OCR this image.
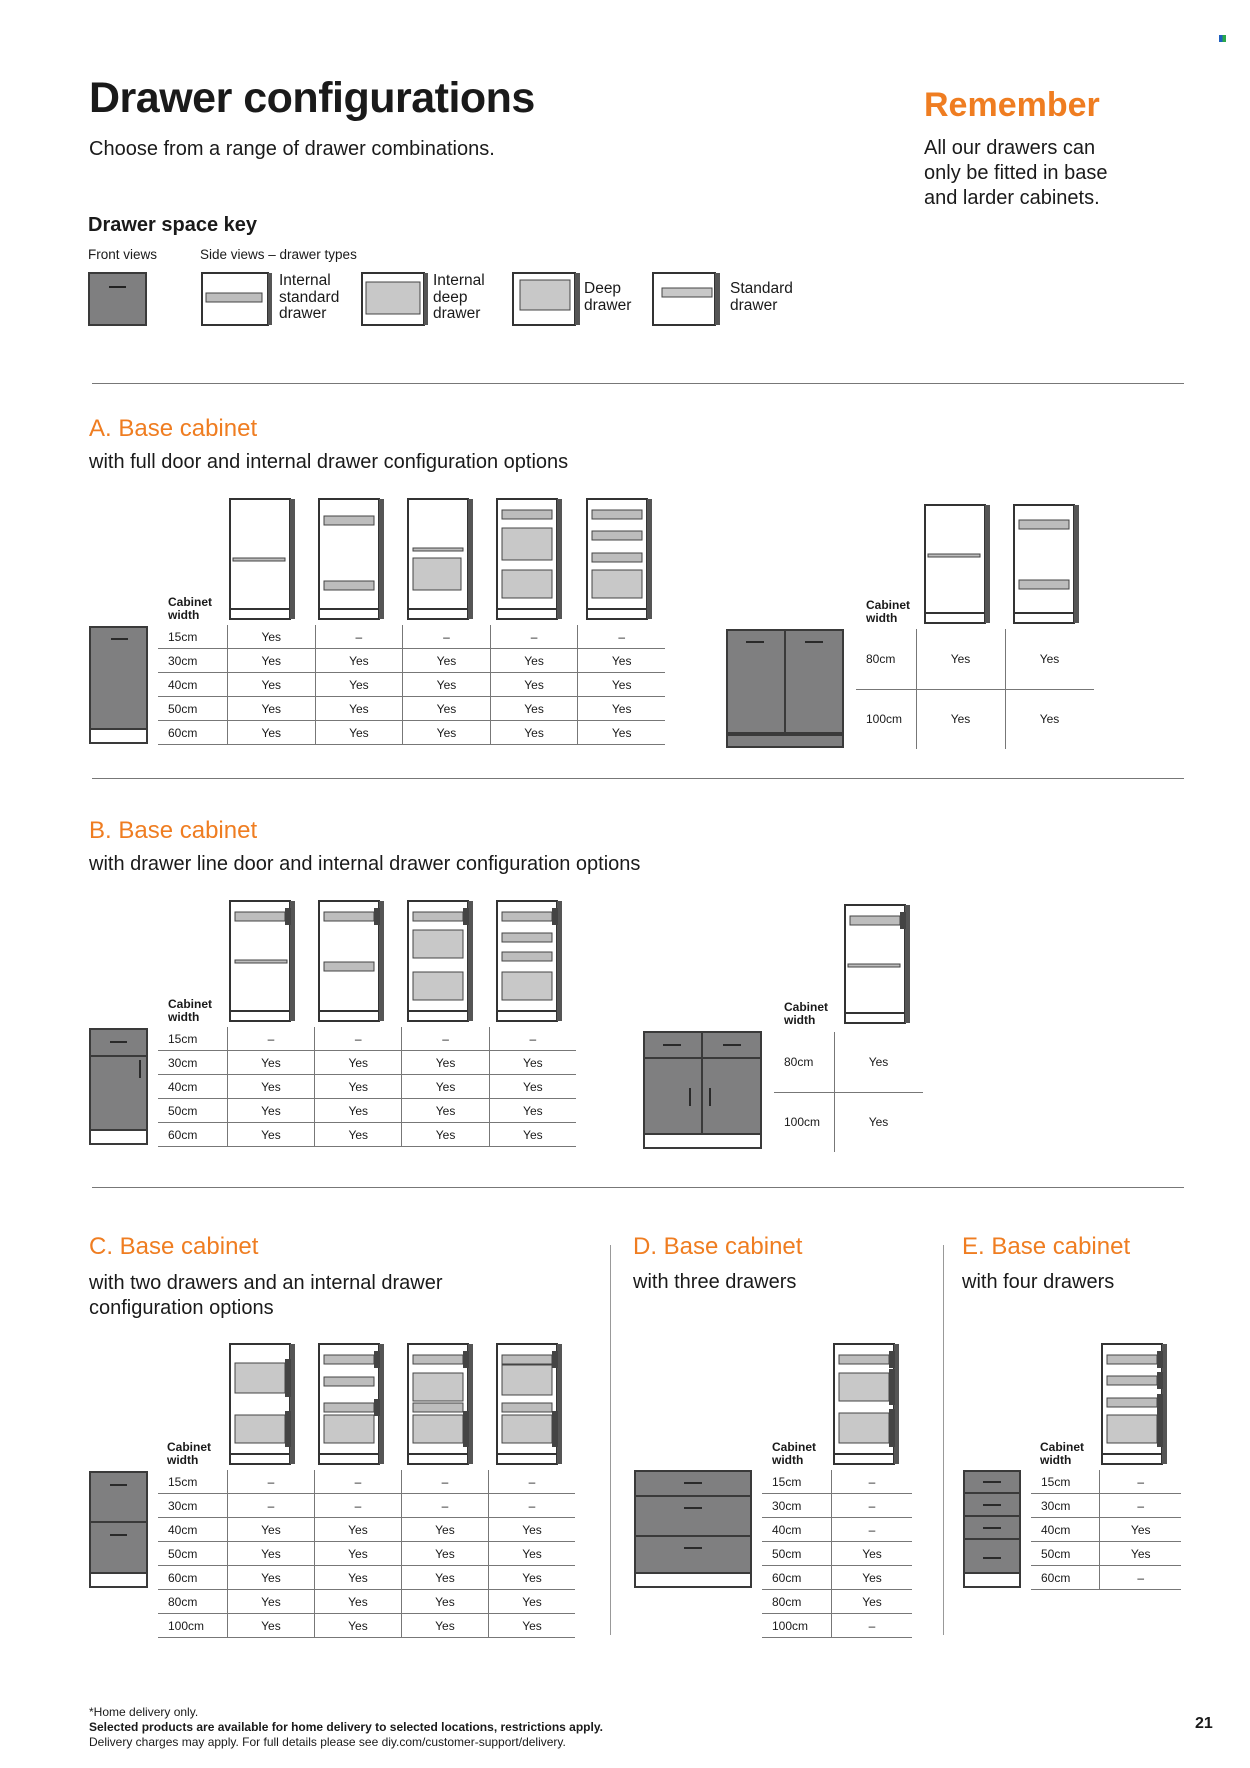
Drawer configurations
Choose from a range of drawer combinations.
Remember
All our drawers can
only be fitted in base
and larder cabinets.
Drawer space key
Front views	Side views – drawer types
Internal
standard
drawer
Internal
deep
drawer
Deep
drawer
Standard
drawer
A. Base cabinet
with full door and internal drawer configuration options
Cabinet
width
15cm	Yes	–	–	–	–
30cm	Yes	Yes	Yes	Yes	Yes
40cm	Yes	Yes	Yes	Yes	Yes
50cm	Yes	Yes	Yes	Yes	Yes
60cm	Yes	Yes	Yes	Yes	Yes
Cabinet
width
80cm	Yes	Yes
100cm	Yes	Yes
B. Base cabinet
with drawer line door and internal drawer configuration options
Cabinet
width
15cm	–	–	–	–
30cm	Yes	Yes	Yes	Yes
40cm	Yes	Yes	Yes	Yes
50cm	Yes	Yes	Yes	Yes
60cm	Yes	Yes	Yes	Yes
Cabinet
width
80cm	Yes
100cm	Yes
C. Base cabinet
with two drawers and an internal drawer
configuration options
Cabinet
width
15cm	–	–	–	–
30cm	–	–	–	–
40cm	Yes	Yes	Yes	Yes
50cm	Yes	Yes	Yes	Yes
60cm	Yes	Yes	Yes	Yes
80cm	Yes	Yes	Yes	Yes
100cm	Yes	Yes	Yes	Yes
D. Base cabinet
with three drawers
Cabinet
width
15cm	–
30cm	–
40cm	–
50cm	Yes
60cm	Yes
80cm	Yes
100cm	–
E. Base cabinet
with four drawers
Cabinet
width
15cm	–
30cm	–
40cm	Yes
50cm	Yes
60cm	–
*Home delivery only.
Selected products are available for home delivery to selected locations, restrictions apply.
Delivery charges may apply. For full details please see diy.com/customer-support/delivery.
21
